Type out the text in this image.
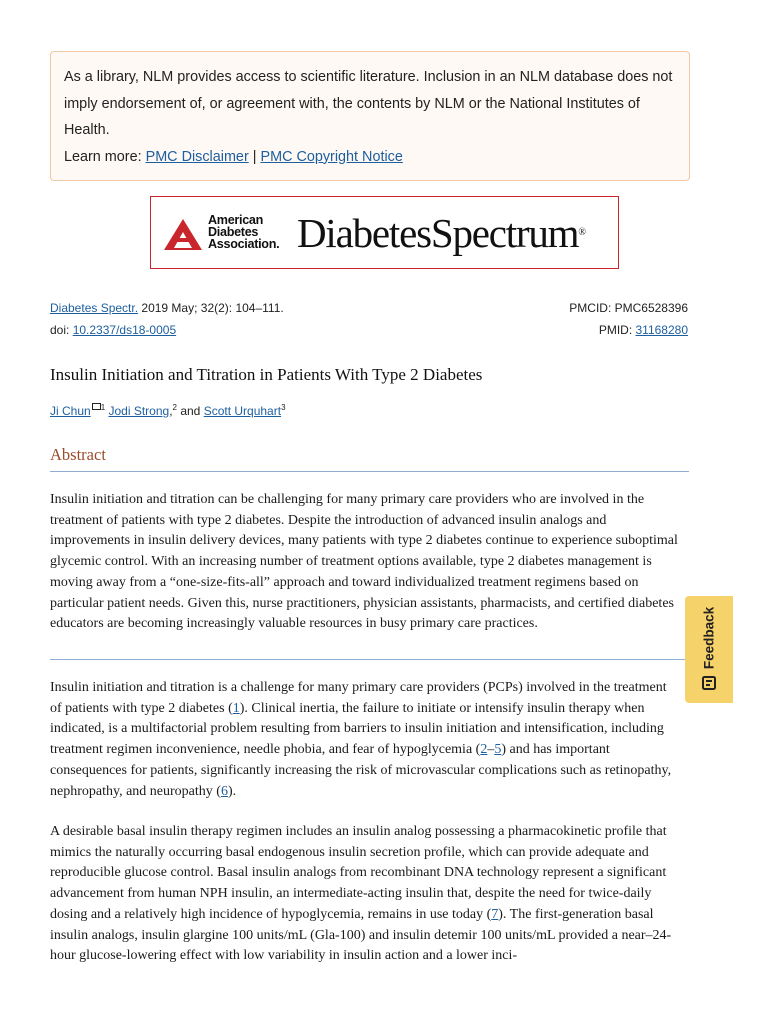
As a library, NLM provides access to scientific literature. Inclusion in an NLM database does not imply endorsement of, or agreement with, the contents by NLM or the National Institutes of Health.
Learn more: PMC Disclaimer | PMC Copyright Notice
American
Diabetes
Association. DiabetesSpectrum®
Diabetes Spectr. 2019 May; 32(2): 104–111.
doi: 10.2337/ds18-0005
PMCID: PMC6528396
PMID: 31168280
Insulin Initiation and Titration in Patients With Type 2 Diabetes
Ji Chun $^1$ Jodi Strong,$^2$ and Scott Urquhart$^3$
Abstract
Insulin initiation and titration can be challenging for many primary care providers who are involved in the treatment of patients with type 2 diabetes. Despite the introduction of advanced insulin analogs and improvements in insulin delivery devices, many patients with type 2 diabetes continue to experience suboptimal glycemic control. With an increasing number of treatment options available, type 2 diabetes management is moving away from a “one-size-fits-all” approach and toward individualized treatment regimens based on particular patient needs. Given this, nurse practitioners, physician assistants, pharmacists, and certified diabetes educators are becoming increasingly valuable resources in busy primary care practices.
Insulin initiation and titration is a challenge for many primary care providers (PCPs) involved in the treatment of patients with type 2 diabetes (1). Clinical inertia, the failure to initiate or intensify insulin therapy when indicated, is a multifactorial problem resulting from barriers to insulin initiation and intensification, including treatment regimen inconvenience, needle phobia, and fear of hypoglycemia (2–5) and has important consequences for patients, significantly increasing the risk of microvascular complications such as retinopathy, nephropathy, and neuropathy (6).
A desirable basal insulin therapy regimen includes an insulin analog possessing a pharmacokinetic profile that mimics the naturally occurring basal endogenous insulin secretion profile, which can provide adequate and reproducible glucose control. Basal insulin analogs from recombinant DNA technology represent a significant advancement from human NPH insulin, an intermediate-acting insulin that, despite the need for twice-daily dosing and a relatively high incidence of hypoglycemia, remains in use today (7). The first-generation basal insulin analogs, insulin glargine 100 units/mL (Gla-100) and insulin detemir 100 units/mL provided a near–24-hour glucose-lowering effect with low variability in insulin action and a lower inci-
Feedback
